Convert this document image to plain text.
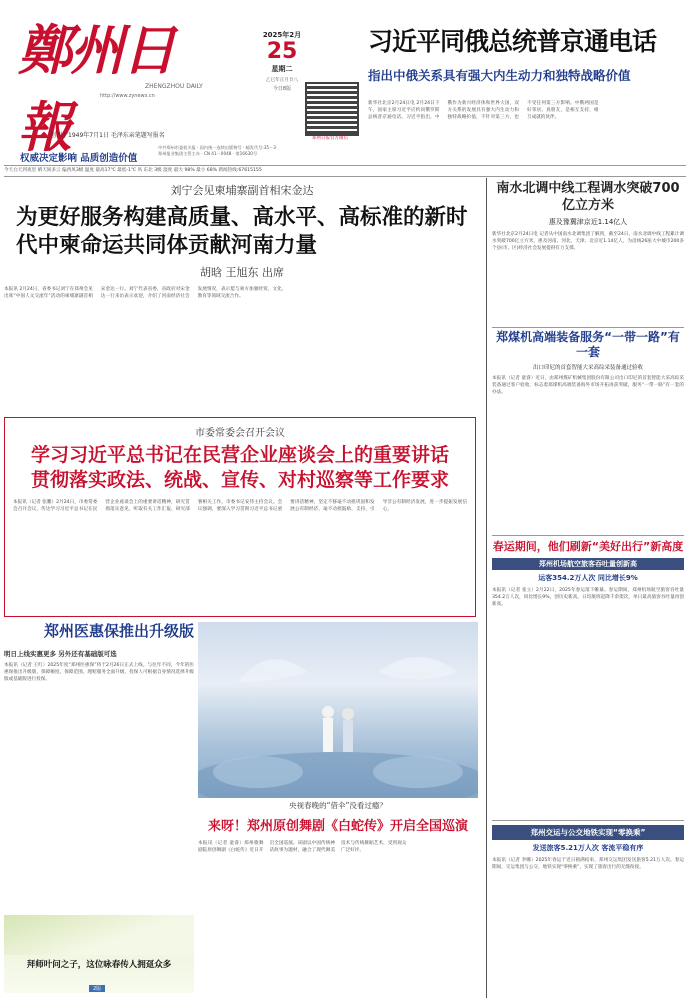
鄭州日報
ZHENGZHOU DAILY
http://www.zynews.cn
创刊于1949年7月1日 毛泽东亲笔题写报名
权威决定影响 品质创造价值
中共郑州市委机关报 · 国内统一连续出版物号 · 邮发代号:35－3
郑州报业集团主管主办 · CN 41－0048 · 第16630号
2025年2月
25
星期二
乙巳年正月廿八
今日8版
郑州日报官方微信
习近平同俄总统普京通电话
指出中俄关系具有强大内生动力和独特战略价值
新华社北京2月24日电 2月24日下午，国家主席习近平应约同俄罗斯总统普京通电话。习近平指出，中俄作为新兴经济体和世界大国，双方关系的发展具有强大内生动力和独特战略价值，不针对第三方，也不受任何第三方影响。中俄两国是好邻居、真朋友，是相互支持、相互成就的伙伴。
今天白天到夜里 晴天间多云 偏西风3级 温度 最高17℃ 最低-1℃ 风 东北 3级 湿度 最大 98% 最小 68% 新闻热线:67615155
刘宁会见柬埔寨副首相宋金达
为更好服务构建高质量、高水平、高标准的新时代中柬命运共同体贡献河南力量
胡晗 王旭东 出席
本报讯 2月24日，省委书记刘宁在郑州会见出席“中国人文交流年”活动的柬埔寨副首相宋金达一行。刘宁代表省委、省政府对宋金达一行来访表示欢迎，介绍了河南经济社会发展情况，表示愿与柬方加强经贸、文化、教育等领域交流合作。
市委常委会召开会议
学习习近平总书记在民营企业座谈会上的重要讲话 贯彻落实政法、统战、宣传、对村巡察等工作要求
本报讯（记者 张鹏）2月24日，市委常委会召开会议，传达学习习近平总书记在民营企业座谈会上的重要讲话精神，研究贯彻落实意见，听取有关工作汇报，研究部署相关工作。市委书记安伟主持会议。会议强调，要深入学习贯彻习近平总书记重要讲话精神，坚定不移毫不动摇巩固和发展公有制经济，毫不动摇鼓励、支持、引导非公有制经济发展，进一步提振发展信心。
郑州医惠保推出升级版
明日上线实惠更多 另外还有基础版可选
本报讯（记者 王红）2025年度“郑州医惠保”将于2月26日正式上线。与往年不同，今年的医惠保推出升级版，保障额度、保障范围、理赔服务全面升级，投保人可根据自身情况选择升级版或基础版进行投保。
央视春晚的“借伞”没看过瘾？
来呀！郑州原创舞剧《白蛇传》开启全国巡演
本报讯（记者 童睿）郑州歌舞剧院原创舞剧《白蛇传》近日开启全国巡演。该剧以中国传统神话故事为题材，融合了现代舞美技术与传统舞蹈艺术，受到观众广泛好评。
拜师叶问之子，这位咏春传人拥趸众多
2版
南水北调中线工程调水突破700亿立方米
惠及豫冀津京近1.14亿人
新华社北京2月24日电 记者从中国南水北调集团了解到，截至24日，南水北调中线工程累计调水突破700亿立方米，惠及河南、河北、天津、北京近1.14亿人，为沿线26座大中城市200多个县(市、区)经济社会发展提供有力支撑。
郑煤机高端装备服务“一带一路”有一套
出口印尼的首套智能大采高综采装备通过验收
本报讯（记者 童睿）近日，由郑州煤矿机械集团股份有限公司出口印尼的首套智能大采高综采装备通过客户验收，标志着郑煤机高端装备海外市场开拓再获突破，服务“一带一路”有一套的办法。
春运期间，他们刷新“美好出行”新高度
郑州机场航空旅客吞吐量创新高
运客354.2万人次 同比增长9%
本报讯（记者 张立）2月22日，2025年春运落下帷幕。春运期间，郑州机场航空旅客吞吐量354.2万人次，同比增长9%，创历史新高。日均航班起降千余架次，单日最高旅客吞吐量再创新高。
郑州交运与公交地铁实现“零换乘”
发送旅客5.21万人次 客流平稳有序
本报讯（记者 李娜）2025年春运于近日圆满结束，郑州交运集团发送旅客5.21万人次。春运期间，交运集团与公交、地铁实现“零换乘”，实现了旅客出行的无缝衔接。
